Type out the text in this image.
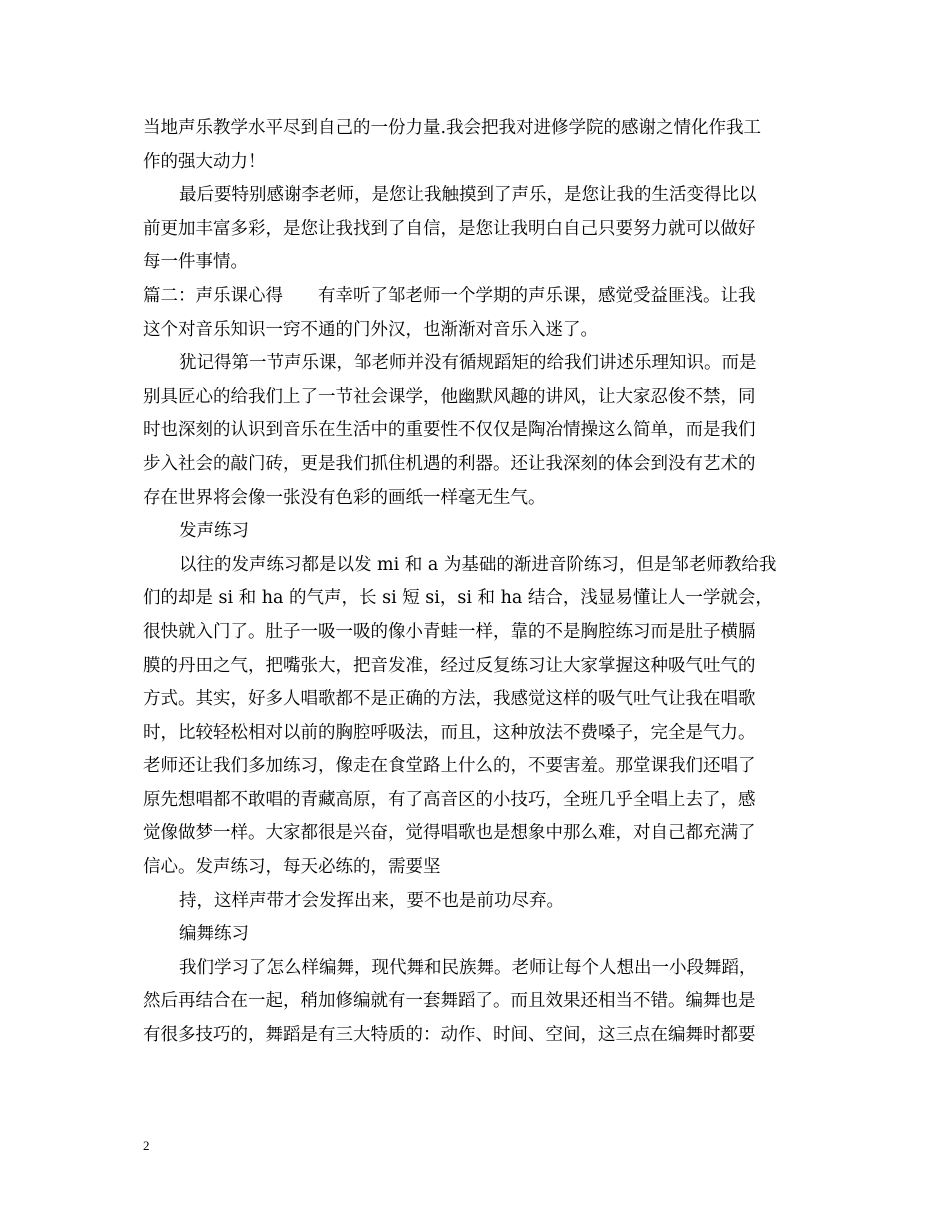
当地声乐教学水平尽到自己的一份力量.我会把我对进修学院的感谢之情化作我工
作的强大动力！
最后要特别感谢李老师，是您让我触摸到了声乐，是您让我的生活变得比以
前更加丰富多彩，是您让我找到了自信，是您让我明白自己只要努力就可以做好
每一件事情。
篇二：声乐课心得　　有幸听了邹老师一个学期的声乐课，感觉受益匪浅。让我
这个对音乐知识一窍不通的门外汉，也渐渐对音乐入迷了。
犹记得第一节声乐课，邹老师并没有循规蹈矩的给我们讲述乐理知识。而是
别具匠心的给我们上了一节社会课学，他幽默风趣的讲风，让大家忍俊不禁，同
时也深刻的认识到音乐在生活中的重要性不仅仅是陶冶情操这么简单，而是我们
步入社会的敲门砖，更是我们抓住机遇的利器。还让我深刻的体会到没有艺术的
存在世界将会像一张没有色彩的画纸一样毫无生气。
发声练习
以往的发声练习都是以发 mi 和 a 为基础的渐进音阶练习，但是邹老师教给我
们的却是 si 和 ha 的气声，长 si 短 si，si 和 ha 结合，浅显易懂让人一学就会，
很快就入门了。肚子一吸一吸的像小青蛙一样，靠的不是胸腔练习而是肚子横膈
膜的丹田之气，把嘴张大，把音发准，经过反复练习让大家掌握这种吸气吐气的
方式。其实，好多人唱歌都不是正确的方法，我感觉这样的吸气吐气让我在唱歌
时，比较轻松相对以前的胸腔呼吸法，而且，这种放法不费嗓子，完全是气力。
老师还让我们多加练习，像走在食堂路上什么的，不要害羞。那堂课我们还唱了
原先想唱都不敢唱的青藏高原，有了高音区的小技巧，全班几乎全唱上去了，感
觉像做梦一样。大家都很是兴奋，觉得唱歌也是想象中那么难，对自己都充满了
信心。发声练习，每天必练的，需要坚
持，这样声带才会发挥出来，要不也是前功尽弃。
编舞练习
我们学习了怎么样编舞，现代舞和民族舞。老师让每个人想出一小段舞蹈，
然后再结合在一起，稍加修编就有一套舞蹈了。而且效果还相当不错。编舞也是
有很多技巧的，舞蹈是有三大特质的：动作、时间、空间，这三点在编舞时都要
2
